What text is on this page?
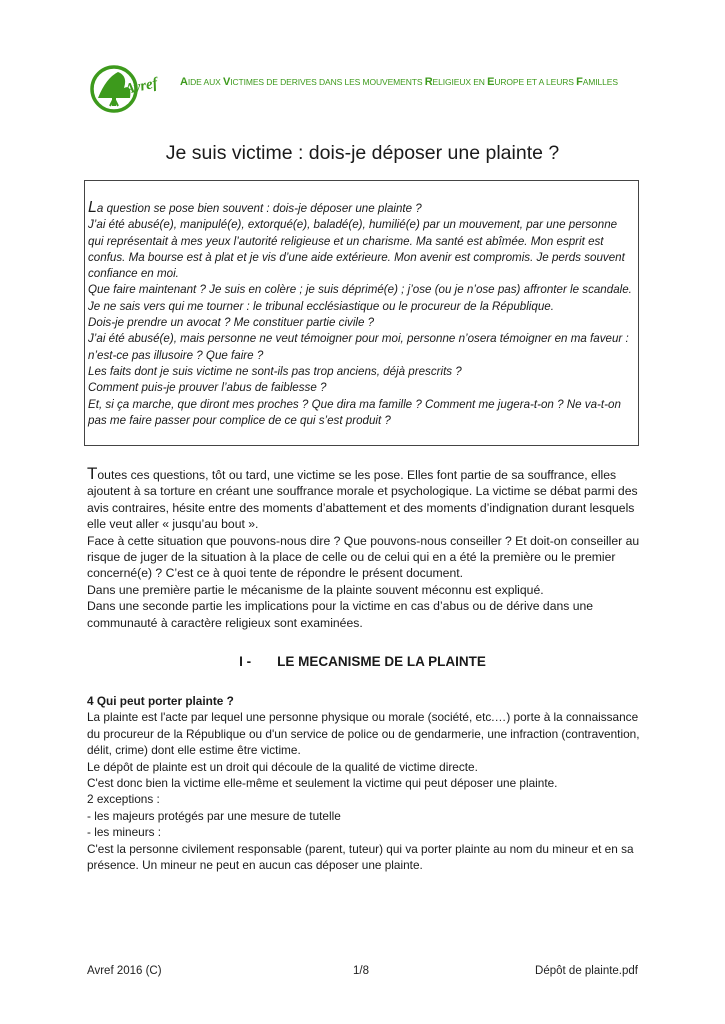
Avref AIDE AUX VICTIMES DE DERIVES DANS LES MOUVEMENTS RELIGIEUX EN EUROPE ET A LEURS FAMILLES
Je suis victime : dois-je déposer une plainte ?

La question se pose bien souvent : dois-je déposer une plainte ?

J’ai été abusé(e), manipulé(e), extorqué(e), baladé(e), humilié(e) par un mouvement, par une personne qui représentait à mes yeux l’autorité religieuse et un charisme. Ma santé est abîmée. Mon esprit est confus. Ma bourse est à plat et je vis d’une aide extérieure. Mon avenir est compromis. Je perds souvent confiance en moi.

Que faire maintenant ? Je suis en colère ; je suis déprimé(e) ; j’ose (ou je n’ose pas) affronter le scandale. Je ne sais vers qui me tourner : le tribunal ecclésiastique ou le procureur de la République.

Dois-je prendre un avocat ? Me constituer partie civile ?

J’ai été abusé(e), mais personne ne veut témoigner pour moi, personne n’osera témoigner en ma faveur : n’est-ce pas illusoire ? Que faire ?

Les faits dont je suis victime ne sont-ils pas trop anciens, déjà prescrits ?

Comment puis-je prouver l’abus de faiblesse ?

Et, si ça marche, que diront mes proches ? Que dira ma famille ? Comment me jugera-t-on ? Ne va-t-on pas me faire passer pour complice de ce qui s’est produit ?

Toutes ces questions, tôt ou tard, une victime se les pose. Elles font partie de sa souffrance, elles ajoutent à sa torture en créant une souffrance morale et psychologique. La victime se débat parmi des avis contraires, hésite entre des moments d’abattement et des moments d’indignation durant lesquels elle veut aller « jusqu’au bout ».

Face à cette situation que pouvons-nous dire ? Que pouvons-nous conseiller ? Et doit-on conseiller au risque de juger de la situation à la place de celle ou de celui qui en a été la première ou le premier concerné(e) ? C’est ce à quoi tente de répondre le présent document.

Dans une première partie le mécanisme de la plainte souvent méconnu est expliqué.

Dans une seconde partie les implications pour la victime en cas d’abus ou de dérive dans une communauté à caractère religieux sont examinées.

I - LE MECANISME DE LA PLAINTE

4 Qui peut porter plainte ?

La plainte est l'acte par lequel une personne physique ou morale (société, etc.…) porte à la connaissance du procureur de la République ou d'un service de police ou de gendarmerie, une infraction (contravention, délit, crime) dont elle estime être victime.

Le dépôt de plainte est un droit qui découle de la qualité de victime directe.

C'est donc bien la victime elle-même et seulement la victime qui peut déposer une plainte.

2 exceptions :

- les majeurs protégés par une mesure de tutelle

- les mineurs :

C'est la personne civilement responsable (parent, tuteur) qui va porter plainte au nom du mineur et en sa présence. Un mineur ne peut en aucun cas déposer une plainte.

Avref 2016 (C)	1/8	Dépôt de plainte.pdf
